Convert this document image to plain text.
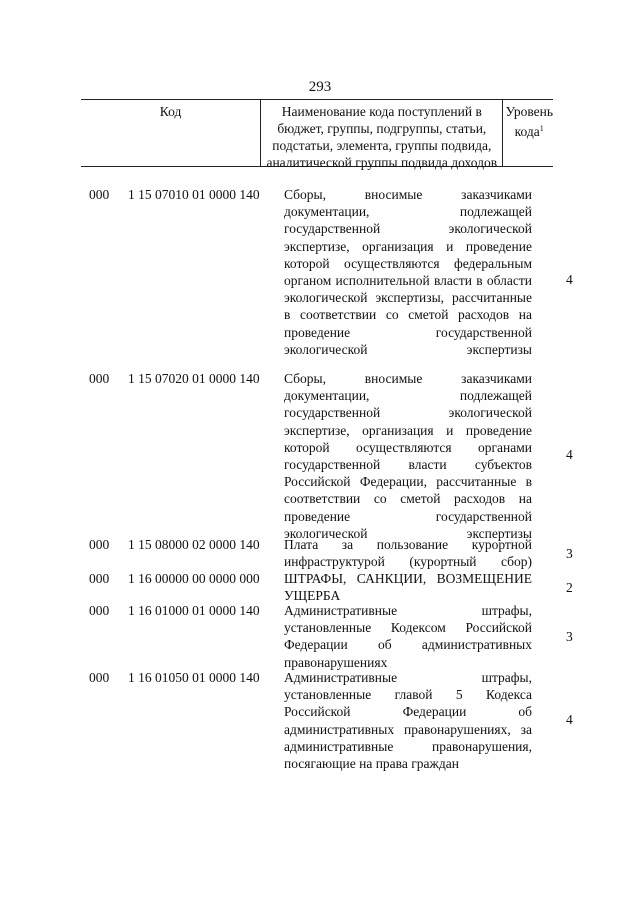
293
Код	Наименование кода поступлений в бюджет, группы, подгруппы, статьи, подстатьи, элемента, группы подвида, аналитической группы подвида доходов
Уровень кода$^1$
000 1 15 07010 01 0000 140 Сборы, вносимые заказчиками документации, подлежащей государственной экологической экспертизе, организация и проведение которой осуществляются федеральным органом исполнительной власти в области экологической экспертизы, рассчитанные в соответствии со сметой расходов на проведение государственной экологической экспертизы
4
000 1 15 07020 01 0000 140 Сборы, вносимые заказчиками документации, подлежащей государственной экологической экспертизе, организация и проведение которой осуществляются органами государственной власти субъектов Российской Федерации, рассчитанные в соответствии со сметой расходов на проведение государственной экологической экспертизы
4
000 1 15 08000 02 0000 140 Плата за пользование курортной инфраструктурой (курортный сбор)
3
000 1 16 00000 00 0000 000 ШТРАФЫ, САНКЦИИ, ВОЗМЕЩЕНИЕ УЩЕРБА
2
000 1 16 01000 01 0000 140 Административные штрафы, установленные Кодексом Российской Федерации об административных правонарушениях
3
000 1 16 01050 01 0000 140 Административные штрафы, установленные главой 5 Кодекса Российской Федерации об административных правонарушениях, за административные правонарушения, посягающие на права граждан
4
